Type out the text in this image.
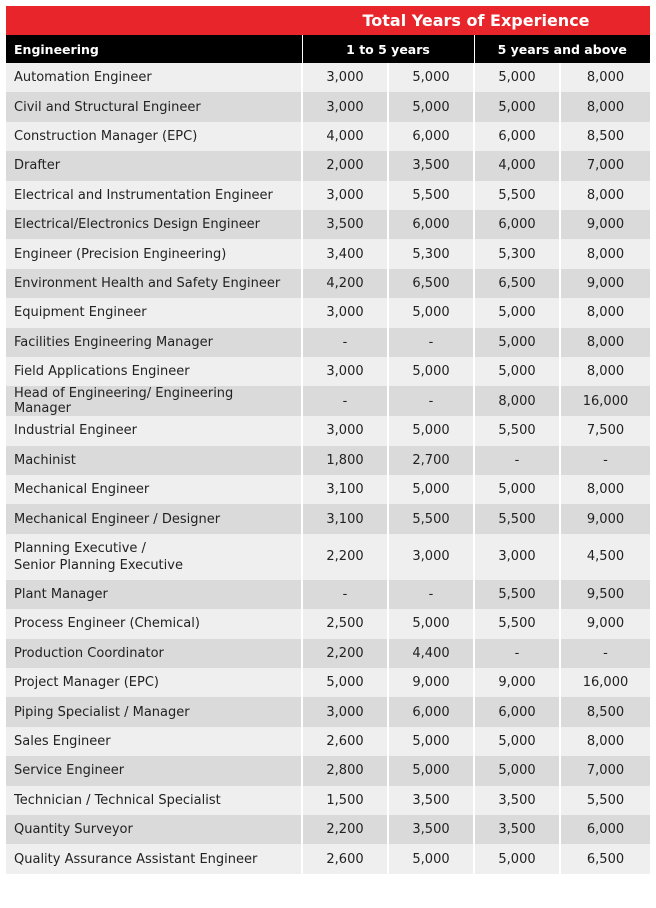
Total Years of Experience
Engineering	1 to 5 years		5 years and above	
Automation Engineer	3,000	5,000	5,000	8,000
Civil and Structural Engineer	3,000	5,000	5,000	8,000
Construction Manager (EPC)	4,000	6,000	6,000	8,500
Drafter	2,000	3,500	4,000	7,000
Electrical and Instrumentation Engineer	3,000	5,500	5,500	8,000
Electrical/Electronics Design Engineer	3,500	6,000	6,000	9,000
Engineer (Precision Engineering)	3,400	5,300	5,300	8,000
Environment Health and Safety Engineer	4,200	6,500	6,500	9,000
Equipment Engineer	3,000	5,000	5,000	8,000
Facilities Engineering Manager	-	-	5,000	8,000
Field Applications Engineer	3,000	5,000	5,000	8,000
Head of Engineering/ Engineering Manager	-	-	8,000	16,000
Industrial Engineer	3,000	5,000	5,500	7,500
Machinist	1,800	2,700	-	-
Mechanical Engineer	3,100	5,000	5,000	8,000
Mechanical Engineer / Designer	3,100	5,500	5,500	9,000
Planning Executive /
Senior Planning Executive	2,200	3,000	3,000	4,500
Plant Manager	-	-	5,500	9,500
Process Engineer (Chemical)	2,500	5,000	5,500	9,000
Production Coordinator	2,200	4,400	-	-
Project Manager (EPC)	5,000	9,000	9,000	16,000
Piping Specialist / Manager	3,000	6,000	6,000	8,500
Sales Engineer	2,600	5,000	5,000	8,000
Service Engineer	2,800	5,000	5,000	7,000
Technician / Technical Specialist	1,500	3,500	3,500	5,500
Quantity Surveyor	2,200	3,500	3,500	6,000
Quality Assurance Assistant Engineer	2,600	5,000	5,000	6,500
